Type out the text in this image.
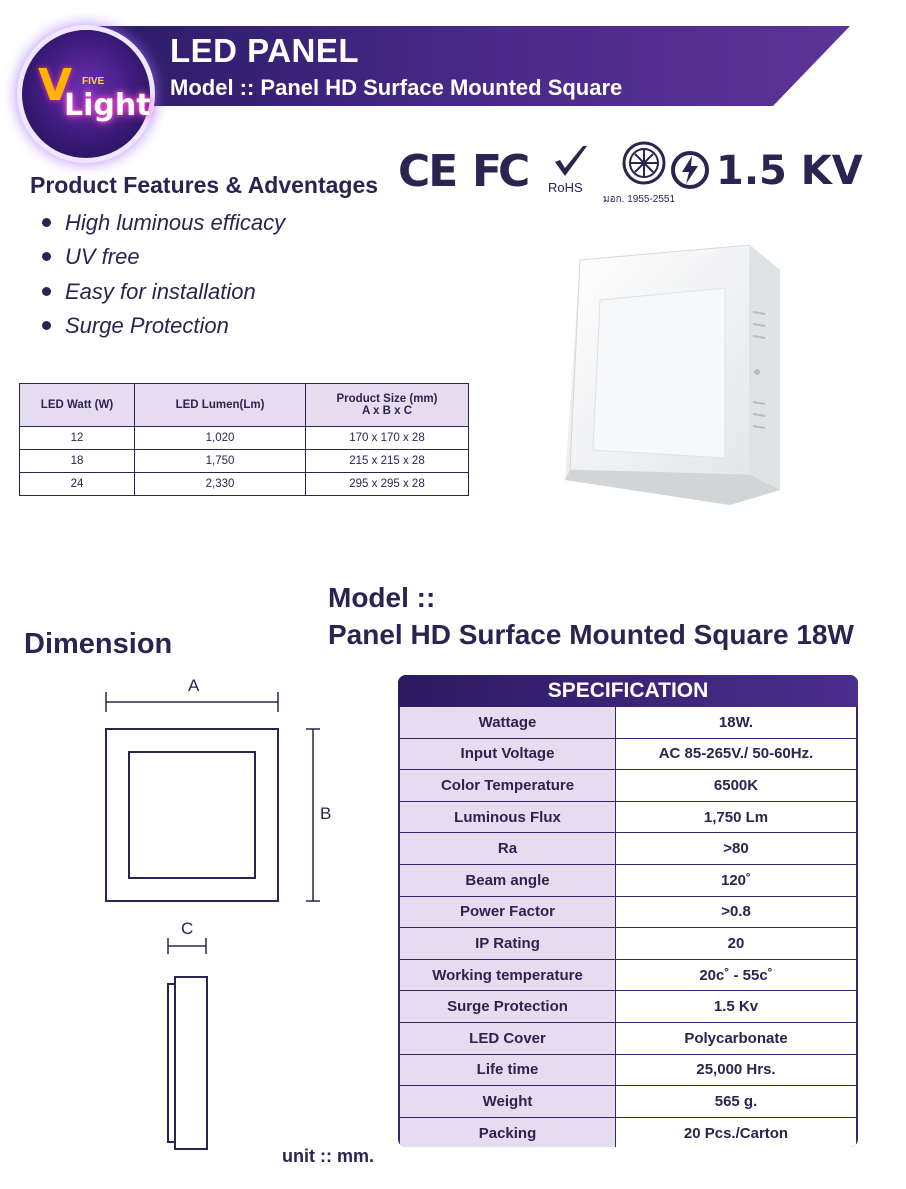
V FIVE
Light
LED PANEL
Model :: Panel HD Surface Mounted Square
CE FC RoHS
มอก. 1955-2551
1.5 KV
Product Features & Adventages
High luminous efficacy
UV free
Easy for installation
Surge Protection
LED Watt (W)	LED Lumen(Lm)	Product Size (mm)
A x B x C

12	1,020	170 x 170 x 28
18	1,750	215 x 215 x 28
24	2,330	295 x 295 x 28
Model ::
Panel HD Surface Mounted Square 18W
Dimension
A
B
C
unit :: mm.
SPECIFICATION
Wattage	18W.
Input Voltage	AC 85-265V./ 50-60Hz.
Color Temperature	6500K
Luminous Flux	1,750 Lm
Ra	>80
Beam angle	120˚
Power Factor	>0.8
IP Rating	20
Working temperature	20c˚ - 55c˚
Surge Protection	1.5 Kv
LED Cover	Polycarbonate
Life time	25,000 Hrs.
Weight	565 g.
Packing	20 Pcs./Carton
